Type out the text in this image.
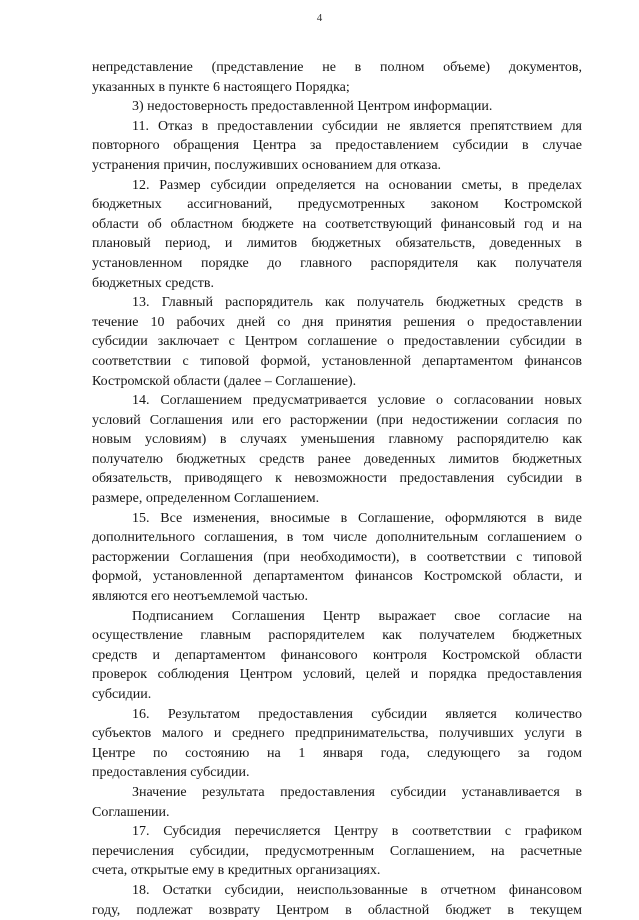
4
непредставление (представление не в полном объеме) документов,
указанных в пункте 6 настоящего Порядка;
3) недостоверность предоставленной Центром информации.
11. Отказ в предоставлении субсидии не является препятствием для
повторного обращения Центра за предоставлением субсидии в случае
устранения причин, послуживших основанием для отказа.
12. Размер субсидии определяется на основании сметы, в пределах
бюджетных ассигнований, предусмотренных законом Костромской
области об областном бюджете на соответствующий финансовый год и на
плановый период, и лимитов бюджетных обязательств, доведенных в
установленном порядке до главного распорядителя как получателя
бюджетных средств.
13. Главный распорядитель как получатель бюджетных средств в
течение 10 рабочих дней со дня принятия решения о предоставлении
субсидии заключает с Центром соглашение о предоставлении субсидии в
соответствии с типовой формой, установленной департаментом финансов
Костромской области (далее – Соглашение).
14. Соглашением предусматривается условие о согласовании новых
условий Соглашения или его расторжении (при недостижении согласия по
новым условиям) в случаях уменьшения главному распорядителю как
получателю бюджетных средств ранее доведенных лимитов бюджетных
обязательств, приводящего к невозможности предоставления субсидии в
размере, определенном Соглашением.
15. Все изменения, вносимые в Соглашение, оформляются в виде
дополнительного соглашения, в том числе дополнительным соглашением о
расторжении Соглашения (при необходимости), в соответствии с типовой
формой, установленной департаментом финансов Костромской области, и
являются его неотъемлемой частью.
Подписанием Соглашения Центр выражает свое согласие на
осуществление главным распорядителем как получателем бюджетных
средств и департаментом финансового контроля Костромской области
проверок соблюдения Центром условий, целей и порядка предоставления
субсидии.
16. Результатом предоставления субсидии является количество
субъектов малого и среднего предпринимательства, получивших услуги в
Центре по состоянию на 1 января года, следующего за годом
предоставления субсидии.
Значение результата предоставления субсидии устанавливается в
Соглашении.
17. Субсидия перечисляется Центру в соответствии с графиком
перечисления субсидии, предусмотренным Соглашением, на расчетные
счета, открытые ему в кредитных организациях.
18. Остатки субсидии, неиспользованные в отчетном финансовом
году, подлежат возврату Центром в областной бюджет в текущем
